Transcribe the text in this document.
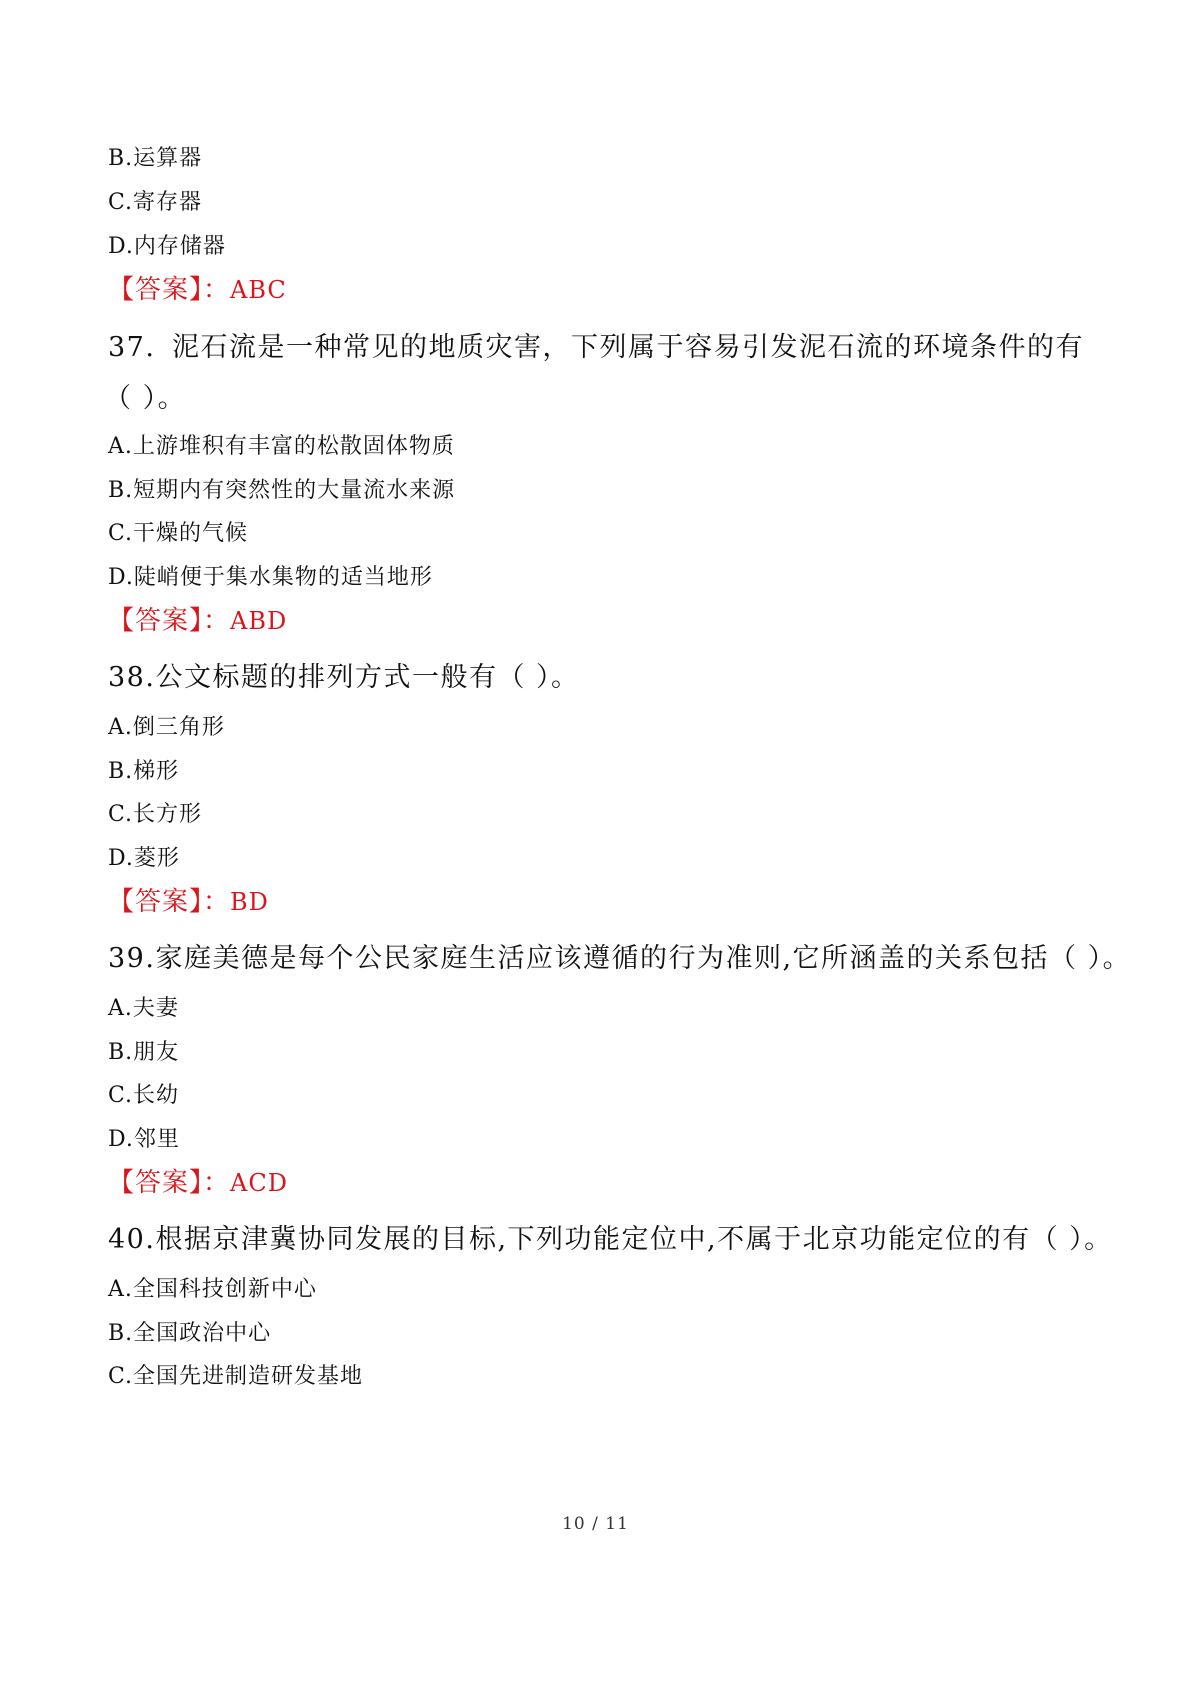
B.运算器
C.寄存器
D.内存储器
【答案】：ABC
37. 泥石流是一种常见的地质灾害，下列属于容易引发泥石流的环境条件的有
（ ）。
A.上游堆积有丰富的松散固体物质
B.短期内有突然性的大量流水来源
C.干燥的气候
D.陡峭便于集水集物的适当地形
【答案】：ABD
38.公文标题的排列方式一般有（ ）。
A.倒三角形
B.梯形
C.长方形
D.菱形
【答案】：BD
39.家庭美德是每个公民家庭生活应该遵循的行为准则,它所涵盖的关系包括（ ）。
A.夫妻
B.朋友
C.长幼
D.邻里
【答案】：ACD
40.根据京津冀协同发展的目标,下列功能定位中,不属于北京功能定位的有（ ）。
A.全国科技创新中心
B.全国政治中心
C.全国先进制造研发基地
10 / 11
